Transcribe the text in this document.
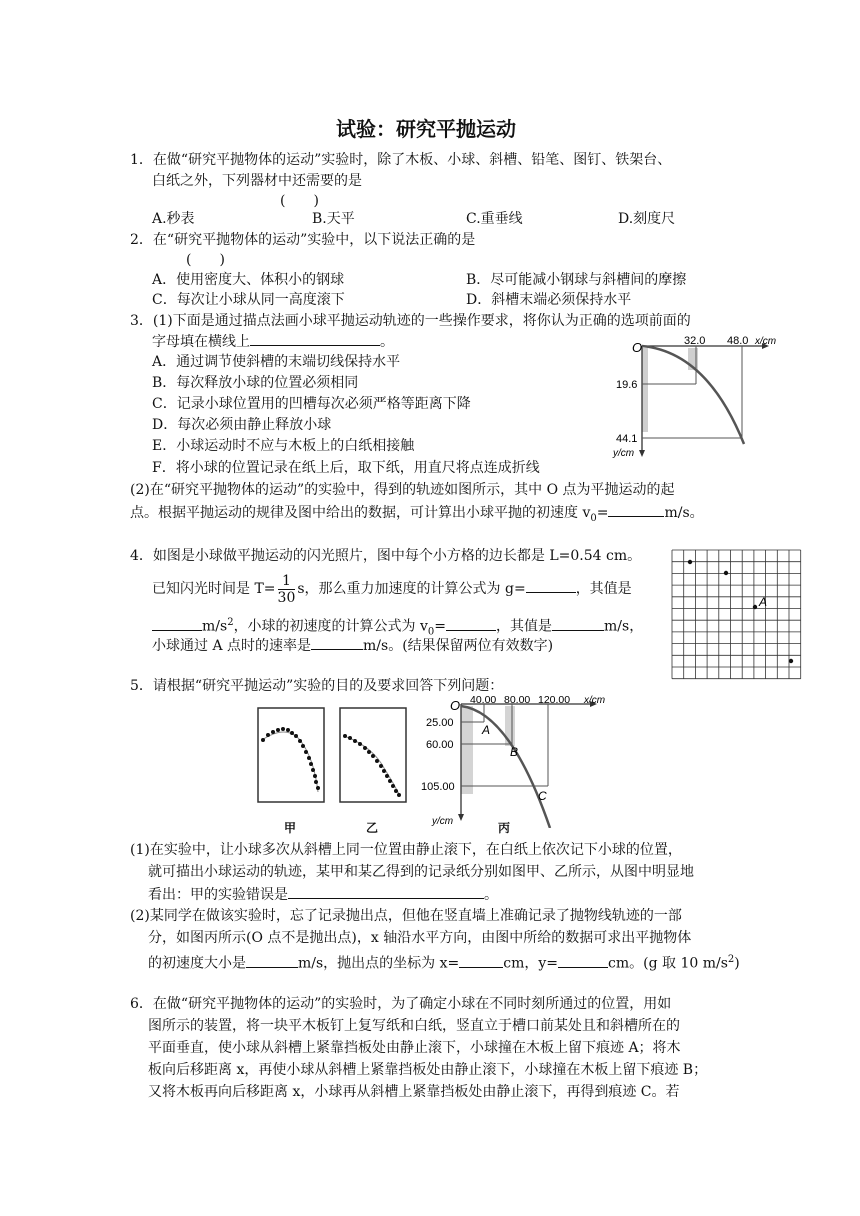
试验：研究平抛运动
1．在做“研究平抛物体的运动”实验时，除了木板、小球、斜槽、铅笔、图钉、铁架台、
白纸之外，下列器材中还需要的是
(　　)
A.秒表	B.天平	C.重垂线	D.刻度尺
2．在“研究平抛物体的运动”实验中，以下说法正确的是
(　　)
A．使用密度大、体积小的钢球	B．尽可能减小钢球与斜槽间的摩擦
C．每次让小球从同一高度滚下	D．斜槽末端必须保持水平
3．(1)下面是通过描点法画小球平抛运动轨迹的一些操作要求，将你认为正确的选项前面的
字母填在横线上	。
A．通过调节使斜槽的末端切线保持水平
B．每次释放小球的位置必须相同
C．记录小球位置用的凹槽每次必须严格等距离下降
D．每次必须由静止释放小球
E．小球运动时不应与木板上的白纸相接触
F．将小球的位置记录在纸上后，取下纸，用直尺将点连成折线
(2)在“研究平抛物体的运动”的实验中，得到的轨迹如图所示，其中 O 点为平抛运动的起
点。根据平抛运动的规律及图中给出的数据，可计算出小球平抛的初速度 $v_0=$	m/s。
O	32.0 48.0 x/cm
19.6
44.1
y/cm
4．如图是小球做平抛运动的闪光照片，图中每个小方格的边长都是 L=0.54 cm。
已知闪光时间是 $T= \frac{1}{30}$ s，那么重力加速度的计算公式为 g=	，其值是
$m/s^2$，小球的初速度的计算公式为 $v_0=$	，其值是	m/s，
小球通过 A 点时的速率是	m/s。(结果保留两位有效数字)
A
5．请根据“研究平抛运动”实验的目的及要求回答下列问题：
甲	乙	丙
O 40.00 80.00 120.00 x/cm
25.00
60.00
105.00
y/cm
A
B
C
(1)在实验中，让小球多次从斜槽上同一位置由静止滚下，在白纸上依次记下小球的位置，
就可描出小球运动的轨迹，某甲和某乙得到的记录纸分别如图甲、乙所示，从图中明显地
看出：甲的实验错误是	。
(2)某同学在做该实验时，忘了记录抛出点，但他在竖直墙上准确记录了抛物线轨迹的一部
分，如图丙所示(O 点不是抛出点)，x 轴沿水平方向，由图中所给的数据可求出平抛物体
的初速度大小是	m/s，抛出点的坐标为 x=	cm，y=	cm。(g 取 10 $m/s^2$)
6．在做“研究平抛物体的运动”的实验时，为了确定小球在不同时刻所通过的位置，用如
图所示的装置，将一块平木板钉上复写纸和白纸，竖直立于槽口前某处且和斜槽所在的
平面垂直，使小球从斜槽上紧靠挡板处由静止滚下，小球撞在木板上留下痕迹 A；将木
板向后移距离 x，再使小球从斜槽上紧靠挡板处由静止滚下，小球撞在木板上留下痕迹 B；
又将木板再向后移距离 x，小球再从斜槽上紧靠挡板处由静止滚下，再得到痕迹 C。若
